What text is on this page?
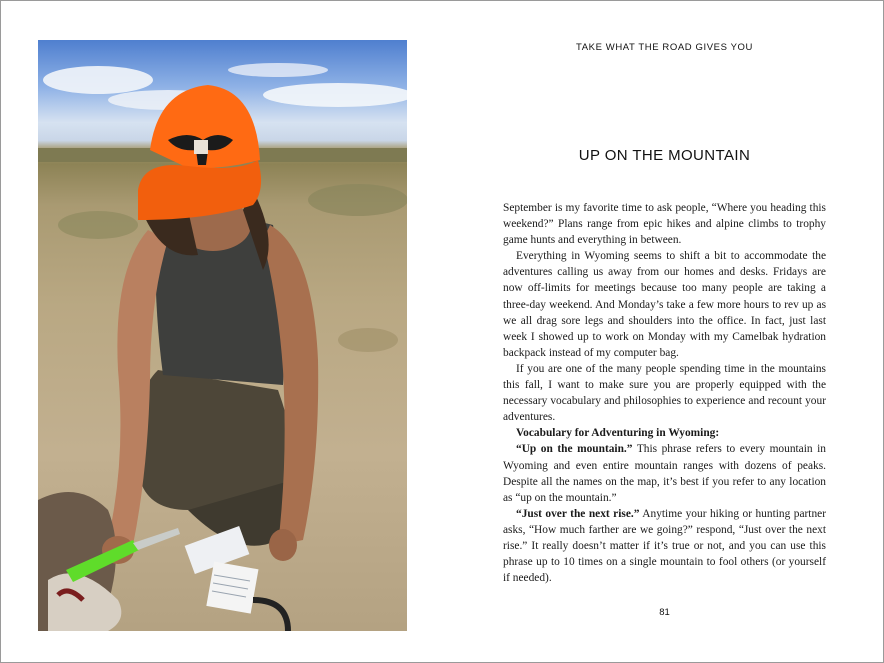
TAKE WHAT THE ROAD GIVES YOU
UP ON THE MOUNTAIN

September is my favorite time to ask people, “Where you heading this weekend?” Plans range from epic hikes and alpine climbs to trophy game hunts and everything in between.

Everything in Wyoming seems to shift a bit to accommodate the adventures calling us away from our homes and desks. Fridays are now off-limits for meetings because too many people are taking a three-day weekend. And Monday’s take a few more hours to rev up as we all drag sore legs and shoulders into the office. In fact, just last week I showed up to work on Monday with my Camelbak hydration backpack instead of my computer bag.

If you are one of the many people spending time in the mountains this fall, I want to make sure you are properly equipped with the necessary vocabulary and philosophies to experience and recount your adventures.

Vocabulary for Adventuring in Wyoming:

“Up on the mountain.” This phrase refers to every mountain in Wyoming and even entire mountain ranges with dozens of peaks. Despite all the names on the map, it’s best if you refer to any location as “up on the mountain.”

“Just over the next rise.” Anytime your hiking or hunting partner asks, “How much farther are we going?” respond, “Just over the next rise.” It really doesn’t matter if it’s true or not, and you can use this phrase up to 10 times on a single mountain to fool others (or yourself if needed).

81
